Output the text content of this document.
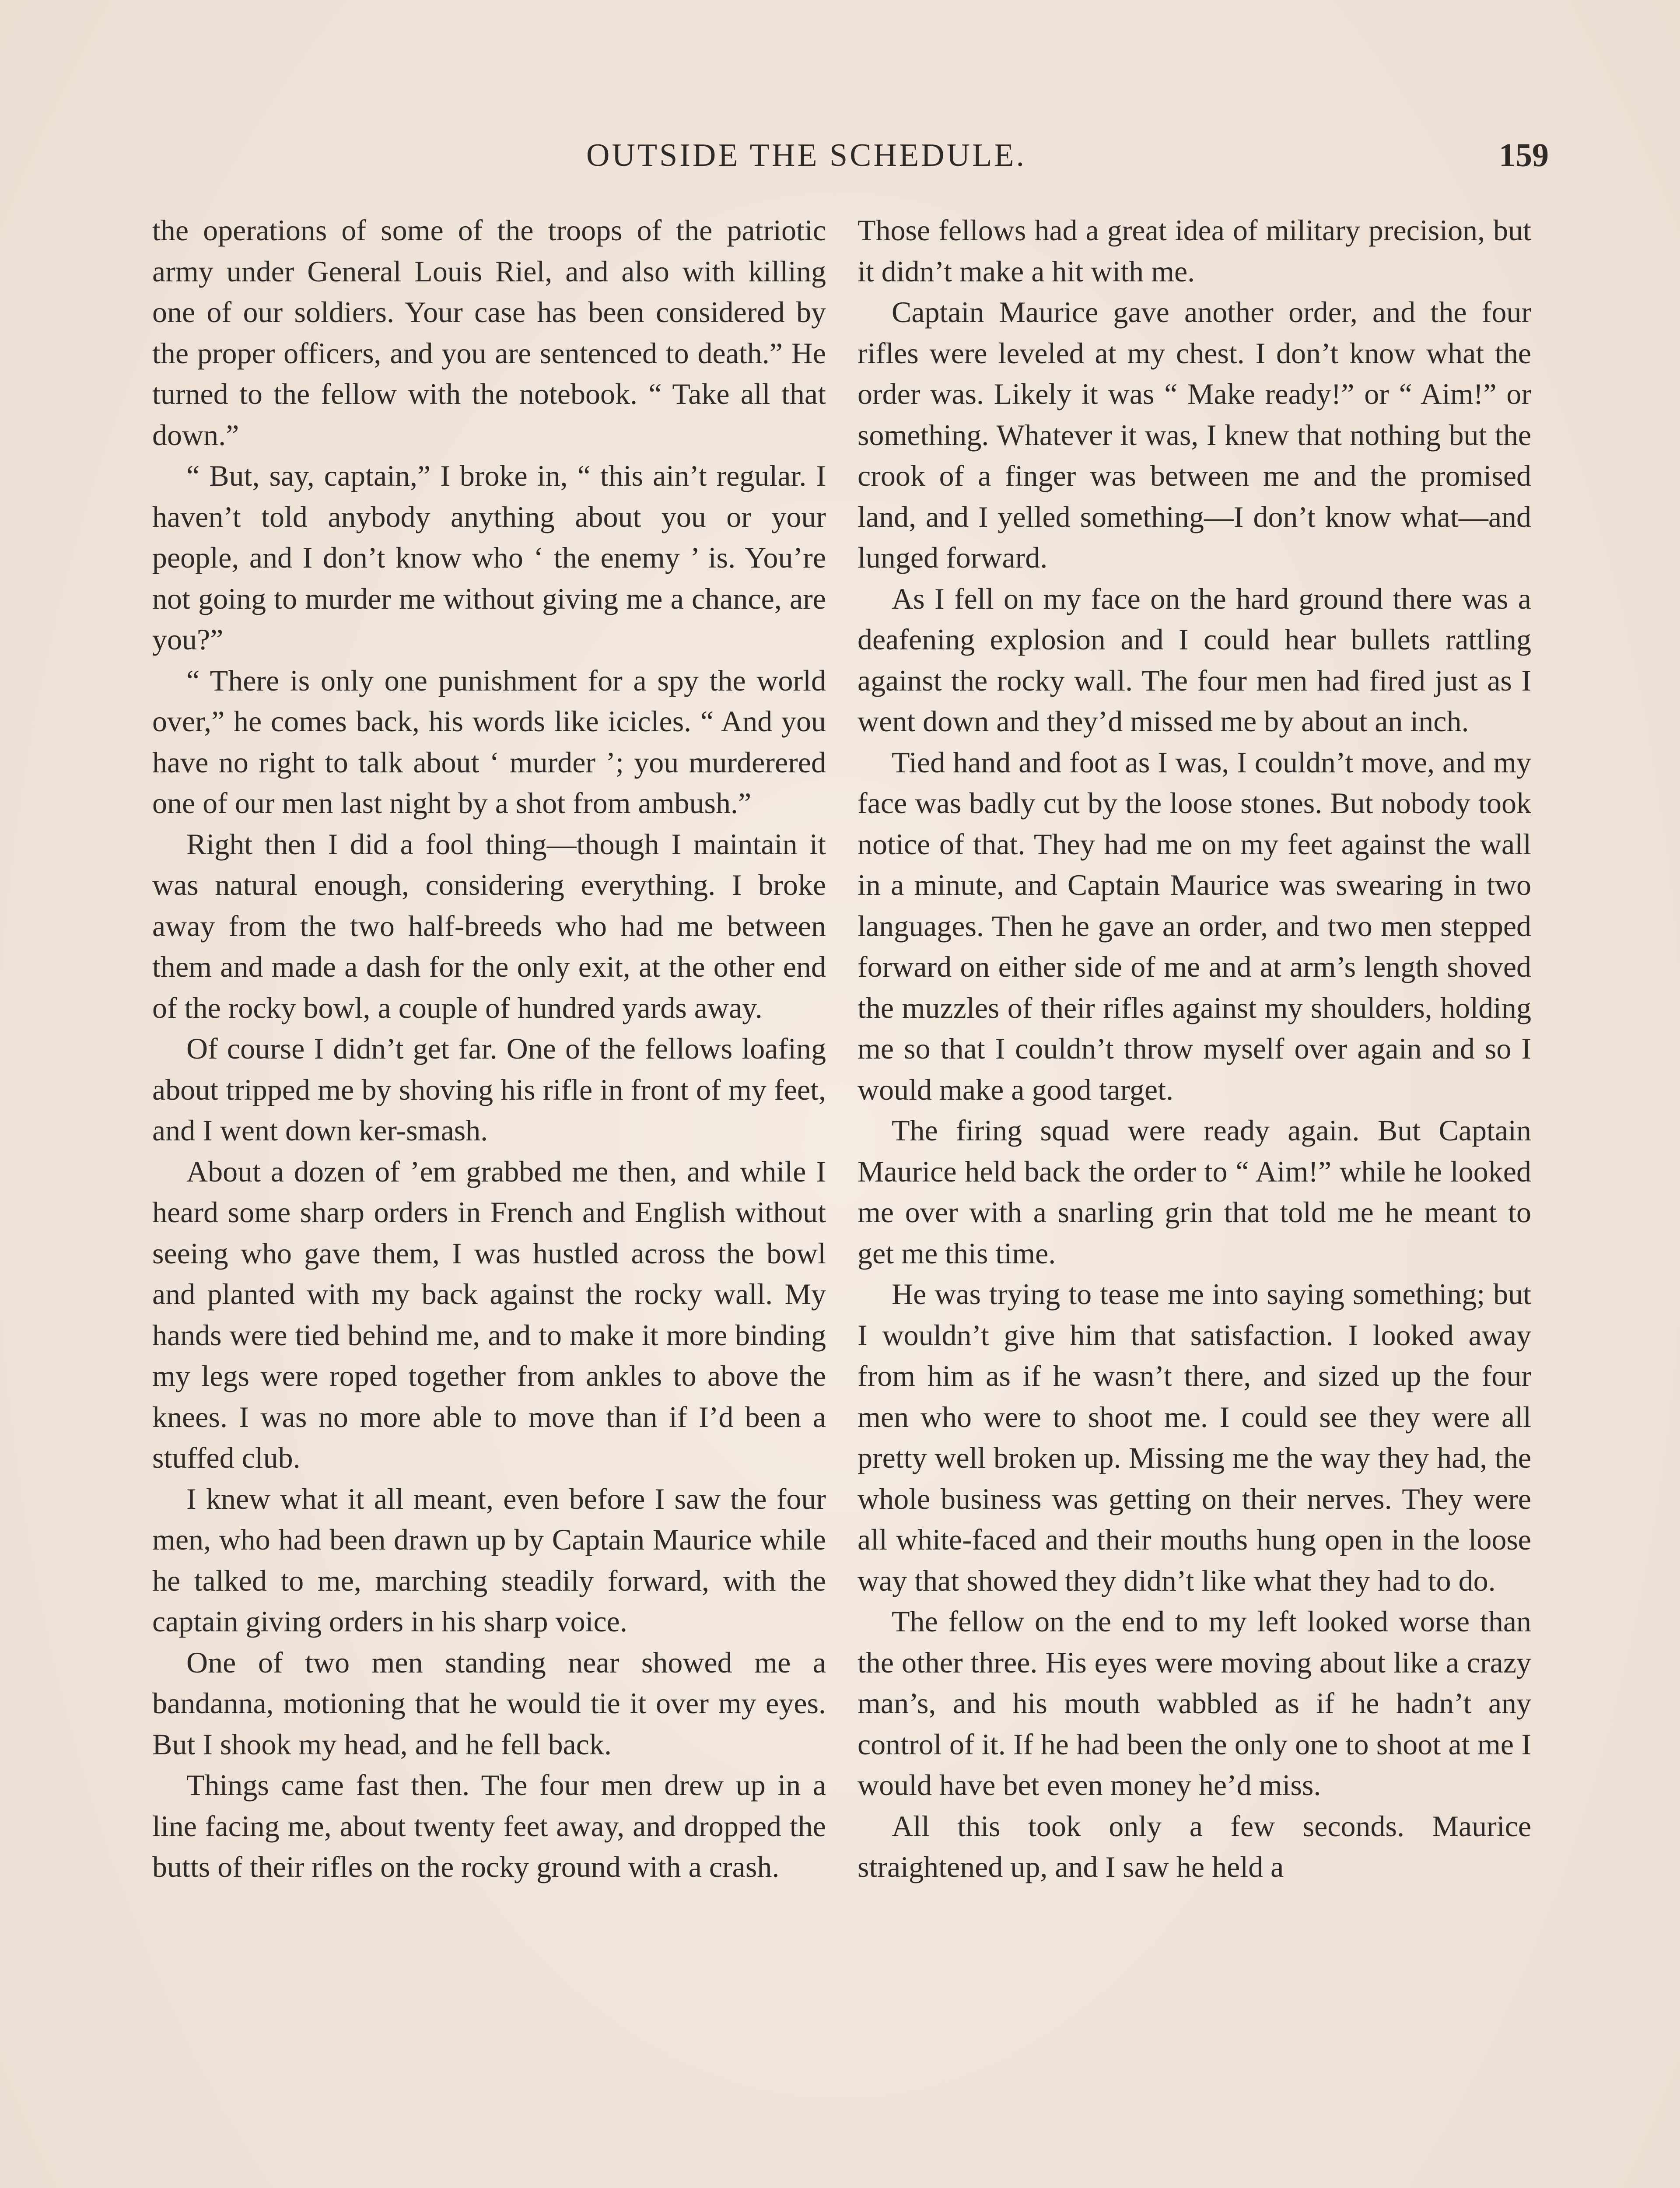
OUTSIDE THE SCHEDULE.	159

the operations of some of the troops of the patriotic army under General Louis Riel, and also with killing one of our soldiers. Your case has been considered by the proper officers, and you are sentenced to death.” He turned to the fellow with the notebook. “ Take all that down.”

“ But, say, captain,” I broke in, “ this ain’t regular. I haven’t told anybody anything about you or your people, and I don’t know who ‘ the enemy ’ is. You’re not going to murder me without giving me a chance, are you?”

“ There is only one punishment for a spy the world over,” he comes back, his words like icicles. “ And you have no right to talk about ‘ murder ’; you murderered one of our men last night by a shot from ambush.”

Right then I did a fool thing—though I maintain it was natural enough, considering everything. I broke away from the two half-breeds who had me between them and made a dash for the only exit, at the other end of the rocky bowl, a couple of hundred yards away.

Of course I didn’t get far. One of the fellows loafing about tripped me by shoving his rifle in front of my feet, and I went down ker-smash.

About a dozen of ’em grabbed me then, and while I heard some sharp orders in French and English without seeing who gave them, I was hustled across the bowl and planted with my back against the rocky wall. My hands were tied behind me, and to make it more binding my legs were roped together from ankles to above the knees. I was no more able to move than if I’d been a stuffed club.

I knew what it all meant, even before I saw the four men, who had been drawn up by Captain Maurice while he talked to me, marching steadily forward, with the captain giving orders in his sharp voice.

One of two men standing near showed me a bandanna, motioning that he would tie it over my eyes. But I shook my head, and he fell back.

Things came fast then. The four men drew up in a line facing me, about twenty feet away, and dropped the butts of their rifles on the rocky ground with a crash.

Those fellows had a great idea of military precision, but it didn’t make a hit with me.

Captain Maurice gave another order, and the four rifles were leveled at my chest. I don’t know what the order was. Likely it was “ Make ready!” or “ Aim!” or something. Whatever it was, I knew that nothing but the crook of a finger was between me and the promised land, and I yelled something—I don’t know what—and lunged forward.

As I fell on my face on the hard ground there was a deafening explosion and I could hear bullets rattling against the rocky wall. The four men had fired just as I went down and they’d missed me by about an inch.

Tied hand and foot as I was, I couldn’t move, and my face was badly cut by the loose stones. But nobody took notice of that. They had me on my feet against the wall in a minute, and Captain Maurice was swearing in two languages. Then he gave an order, and two men stepped forward on either side of me and at arm’s length shoved the muzzles of their rifles against my shoulders, holding me so that I couldn’t throw myself over again and so I would make a good target.

The firing squad were ready again. But Captain Maurice held back the order to “ Aim!” while he looked me over with a snarling grin that told me he meant to get me this time.

He was trying to tease me into saying something; but I wouldn’t give him that satisfaction. I looked away from him as if he wasn’t there, and sized up the four men who were to shoot me. I could see they were all pretty well broken up. Missing me the way they had, the whole business was getting on their nerves. They were all white-faced and their mouths hung open in the loose way that showed they didn’t like what they had to do.

The fellow on the end to my left looked worse than the other three. His eyes were moving about like a crazy man’s, and his mouth wabbled as if he hadn’t any control of it. If he had been the only one to shoot at me I would have bet even money he’d miss.

All this took only a few seconds. Maurice straightened up, and I saw he held a
